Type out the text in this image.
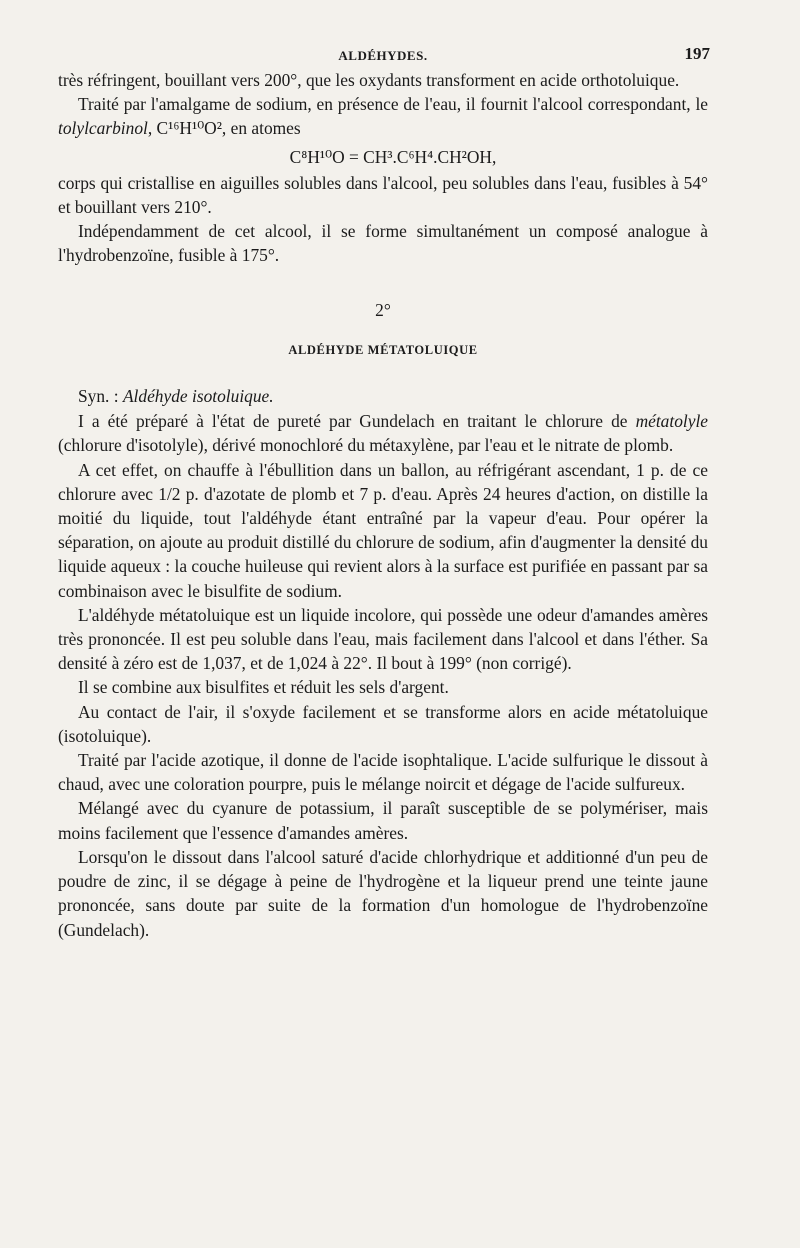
ALDÉHYDES.	197

très réfringent, bouillant vers 200°, que les oxydants transforment en acide orthotoluique.

Traité par l'amalgame de sodium, en présence de l'eau, il fournit l'alcool correspondant, le tolylcarbinol, C¹⁶H¹⁰O², en atomes

C⁸H¹⁰O = CH³.C⁶H⁴.CH²OH,

corps qui cristallise en aiguilles solubles dans l'alcool, peu solubles dans l'eau, fusibles à 54° et bouillant vers 210°.

Indépendamment de cet alcool, il se forme simultanément un composé analogue à l'hydrobenzoïne, fusible à 175°.

2°
ALDÉHYDE MÉTATOLUIQUE

Syn. : Aldéhyde isotoluique.

I a été préparé à l'état de pureté par Gundelach en traitant le chlorure de métatolyle (chlorure d'isotolyle), dérivé monochloré du métaxylène, par l'eau et le nitrate de plomb.

A cet effet, on chauffe à l'ébullition dans un ballon, au réfrigérant ascendant, 1 p. de ce chlorure avec 1/2 p. d'azotate de plomb et 7 p. d'eau. Après 24 heures d'action, on distille la moitié du liquide, tout l'aldéhyde étant entraîné par la vapeur d'eau. Pour opérer la séparation, on ajoute au produit distillé du chlorure de sodium, afin d'augmenter la densité du liquide aqueux : la couche huileuse qui revient alors à la surface est purifiée en passant par sa combinaison avec le bisulfite de sodium.

L'aldéhyde métatoluique est un liquide incolore, qui possède une odeur d'amandes amères très prononcée. Il est peu soluble dans l'eau, mais facilement dans l'alcool et dans l'éther. Sa densité à zéro est de 1,037, et de 1,024 à 22°. Il bout à 199° (non corrigé).

Il se combine aux bisulfites et réduit les sels d'argent.

Au contact de l'air, il s'oxyde facilement et se transforme alors en acide métatoluique (isotoluique).

Traité par l'acide azotique, il donne de l'acide isophtalique. L'acide sulfurique le dissout à chaud, avec une coloration pourpre, puis le mélange noircit et dégage de l'acide sulfureux.

Mélangé avec du cyanure de potassium, il paraît susceptible de se polymériser, mais moins facilement que l'essence d'amandes amères.

Lorsqu'on le dissout dans l'alcool saturé d'acide chlorhydrique et additionné d'un peu de poudre de zinc, il se dégage à peine de l'hydrogène et la liqueur prend une teinte jaune prononcée, sans doute par suite de la formation d'un homologue de l'hydrobenzoïne (Gundelach).
